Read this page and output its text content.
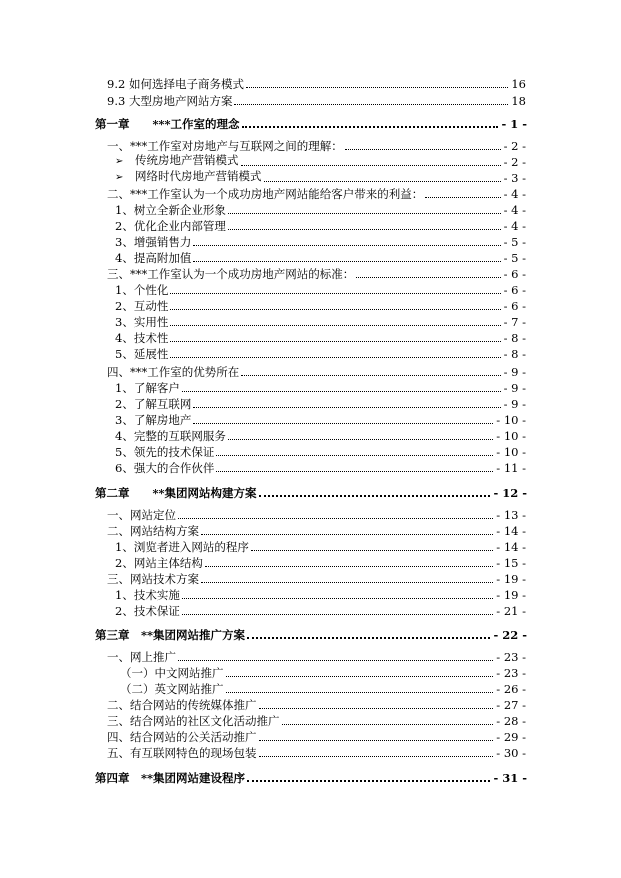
9.2 如何选择电子商务模式	16
9.3 大型房地产网站方案	18
第一章　　***工作室的理念	- 1 -
一、***工作室对房地产与互联网之间的理解：	- 2 -
➢ 传统房地产营销模式	- 2 -
➢ 网络时代房地产营销模式	- 3 -
二、***工作室认为一个成功房地产网站能给客户带来的利益：	- 4 -
1、树立全新企业形象	- 4 -
2、优化企业内部管理	- 4 -
3、增强销售力	- 5 -
4、提高附加值	- 5 -
三、***工作室认为一个成功房地产网站的标准：	- 6 -
1、个性化	- 6 -
2、互动性	- 6 -
3、实用性	- 7 -
4、技术性	- 8 -
5、延展性	- 8 -
四、***工作室的优势所在	- 9 -
1、了解客户	- 9 -
2、了解互联网	- 9 -
3、了解房地产	- 10 -
4、完整的互联网服务	- 10 -
5、领先的技术保证	- 10 -
6、强大的合作伙伴	- 11 -
第二章　　**集团网站构建方案	- 12 -
一、网站定位	- 13 -
二、网站结构方案	- 14 -
1、浏览者进入网站的程序	- 14 -
2、网站主体结构	- 15 -
三、网站技术方案	- 19 -
1、技术实施	- 19 -
2、技术保证	- 21 -
第三章　**集团网站推广方案	- 22 -
一、网上推广	- 23 -
（一）中文网站推广	- 23 -
（二）英文网站推广	- 26 -
二、结合网站的传统媒体推广	- 27 -
三、结合网站的社区文化活动推广	- 28 -
四、结合网站的公关活动推广	- 29 -
五、有互联网特色的现场包装	- 30 -
第四章　**集团网站建设程序	- 31 -
